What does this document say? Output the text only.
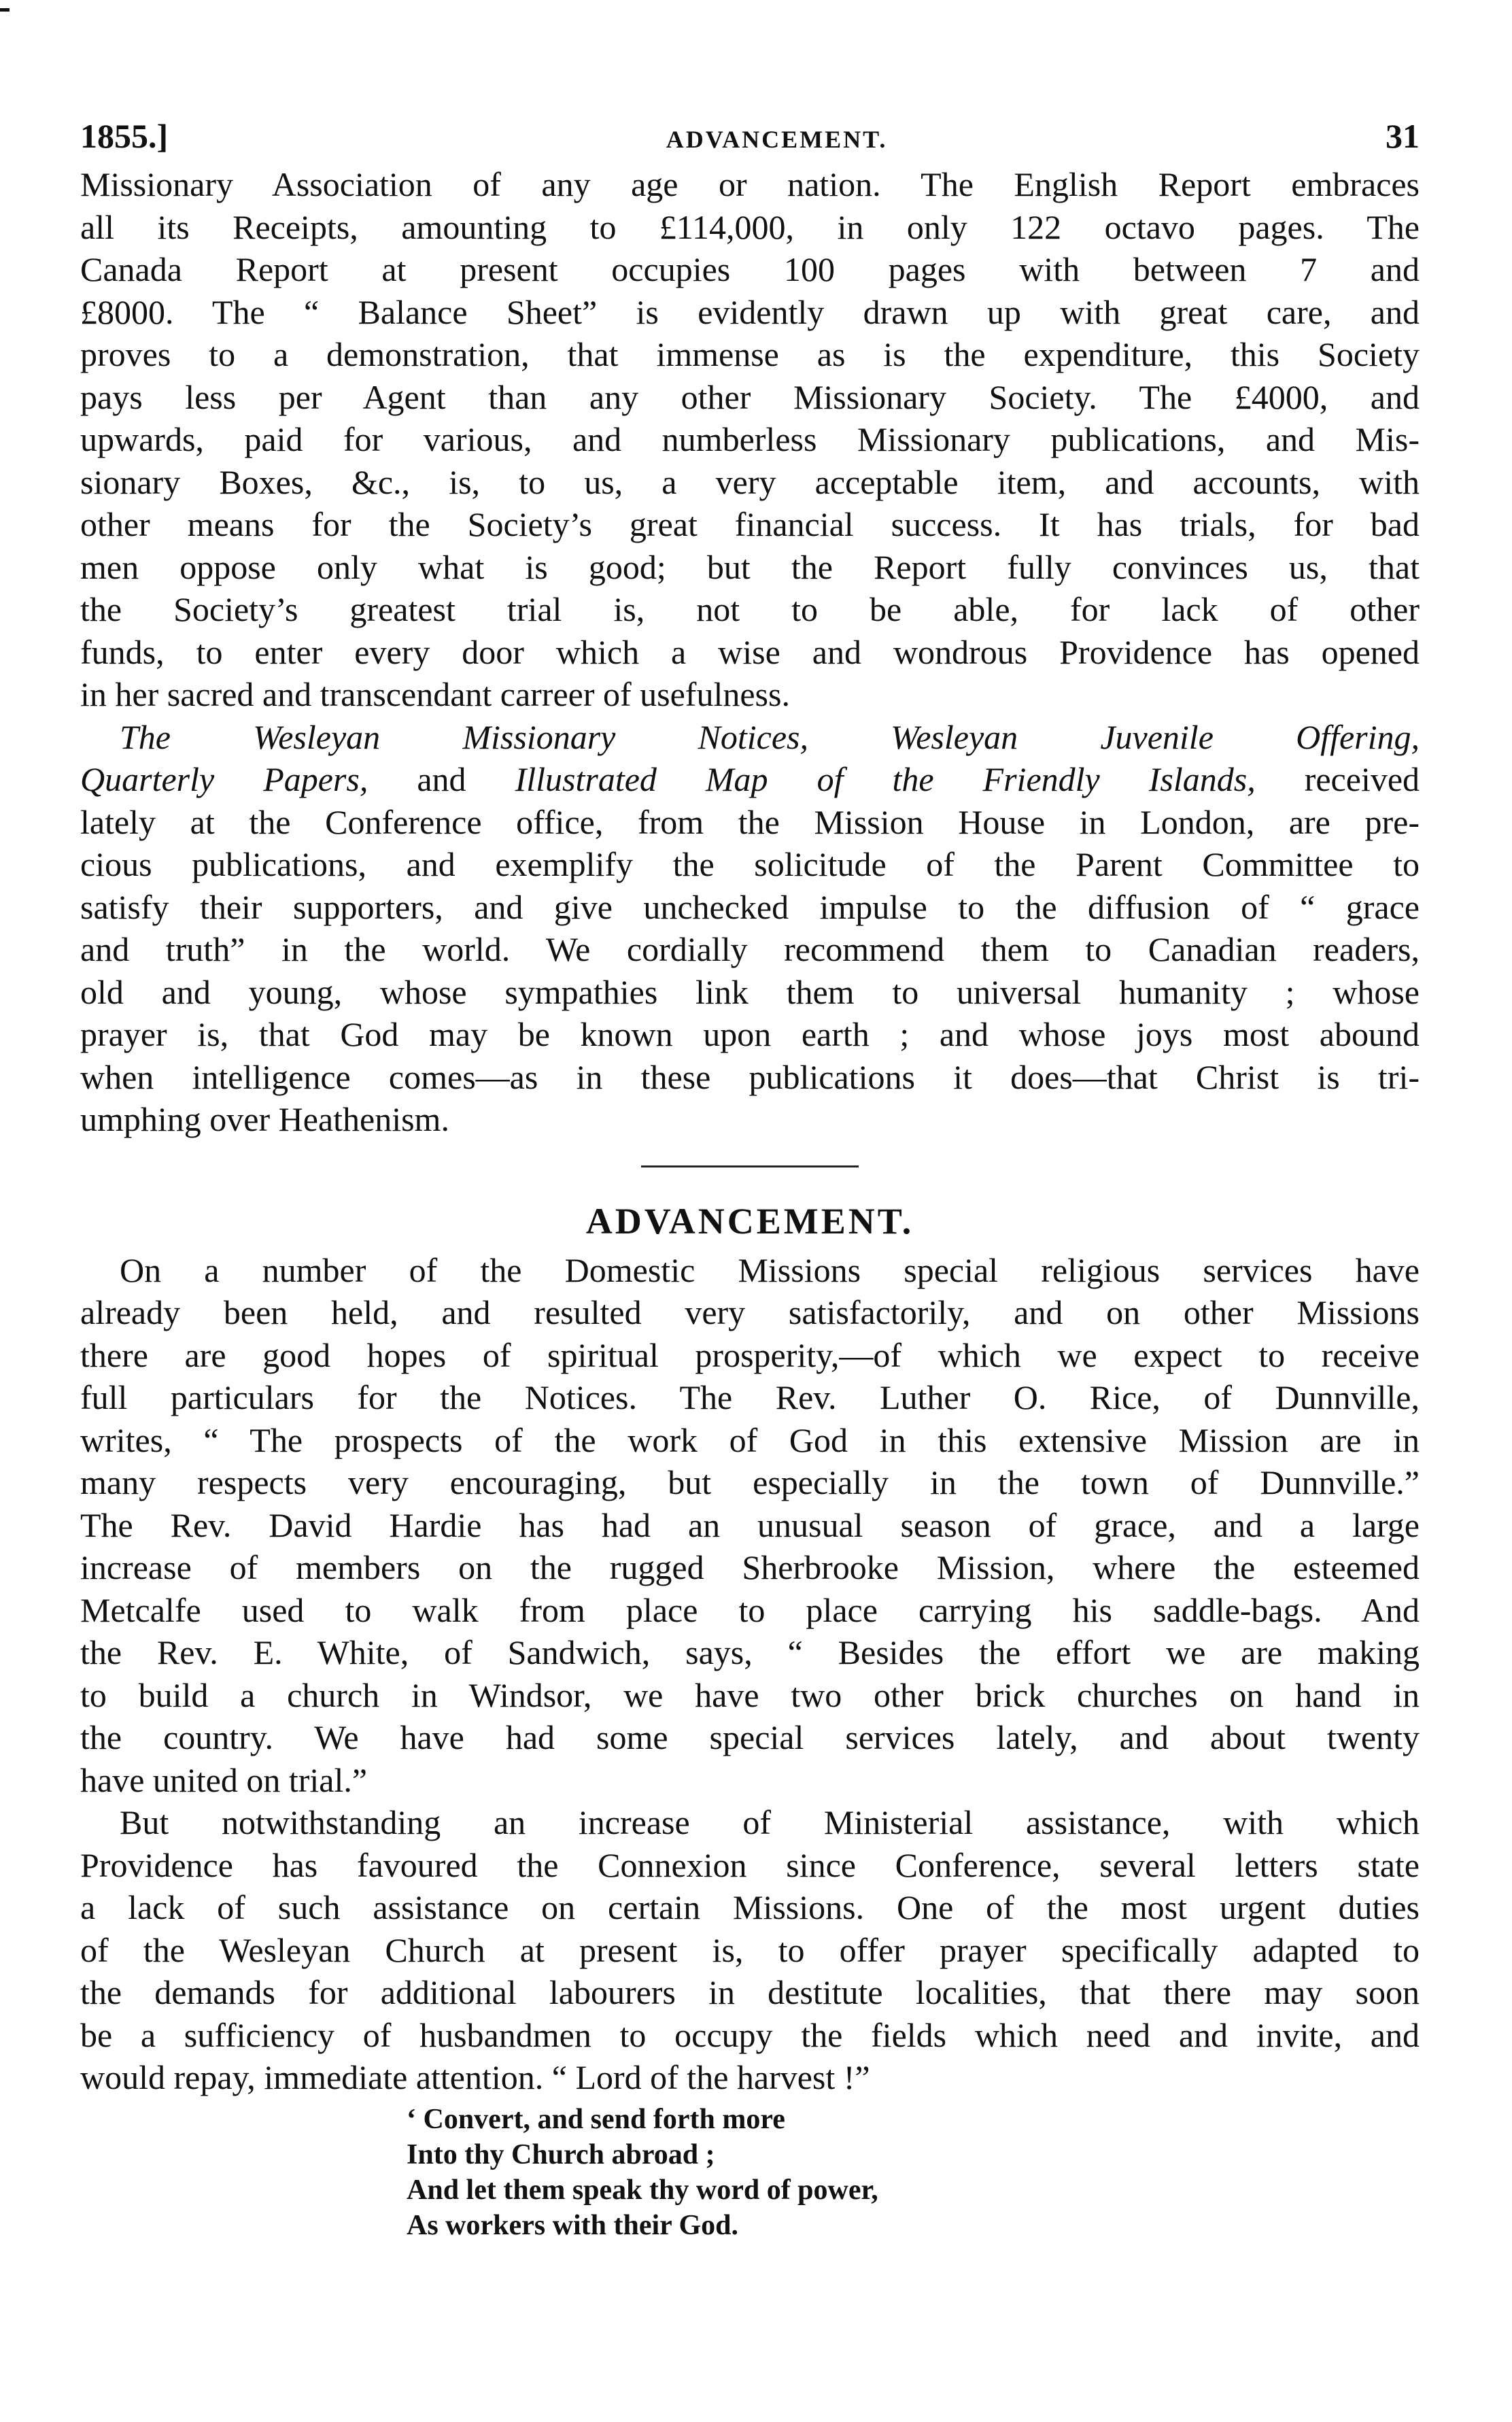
1855.]	ADVANCEMENT.	31

Missionary Association of any age or nation. The English Report embraces
all its Receipts, amounting to £114,000, in only 122 octavo pages. The
Canada Report at present occupies 100 pages with between 7 and
£8000. The “ Balance Sheet” is evidently drawn up with great care, and
proves to a demonstration, that immense as is the expenditure, this Society
pays less per Agent than any other Missionary Society. The £4000, and
upwards, paid for various, and numberless Missionary publications, and Mis-
sionary Boxes, &c., is, to us, a very acceptable item, and accounts, with
other means for the Society’s great financial success. It has trials, for bad
men oppose only what is good; but the Report fully convinces us, that
the Society’s greatest trial is, not to be able, for lack of other
funds, to enter every door which a wise and wondrous Providence has opened
in her sacred and transcendant carreer of usefulness.

The Wesleyan Missionary Notices, Wesleyan Juvenile Offering,
Quarterly Papers, and Illustrated Map of the Friendly Islands, received
lately at the Conference office, from the Mission House in London, are pre-
cious publications, and exemplify the solicitude of the Parent Committee to
satisfy their supporters, and give unchecked impulse to the diffusion of “ grace
and truth” in the world. We cordially recommend them to Canadian readers,
old and young, whose sympathies link them to universal humanity ; whose
prayer is, that God may be known upon earth ; and whose joys most abound
when intelligence comes—as in these publications it does—that Christ is tri-
umphing over Heathenism.

ADVANCEMENT.

On a number of the Domestic Missions special religious services have
already been held, and resulted very satisfactorily, and on other Missions
there are good hopes of spiritual prosperity,—of which we expect to receive
full particulars for the Notices. The Rev. Luther O. Rice, of Dunnville,
writes, “ The prospects of the work of God in this extensive Mission are in
many respects very encouraging, but especially in the town of Dunnville.”
The Rev. David Hardie has had an unusual season of grace, and a large
increase of members on the rugged Sherbrooke Mission, where the esteemed
Metcalfe used to walk from place to place carrying his saddle-bags. And
the Rev. E. White, of Sandwich, says, “ Besides the effort we are making
to build a church in Windsor, we have two other brick churches on hand in
the country. We have had some special services lately, and about twenty
have united on trial.”

But notwithstanding an increase of Ministerial assistance, with which
Providence has favoured the Connexion since Conference, several letters state
a lack of such assistance on certain Missions. One of the most urgent duties
of the Wesleyan Church at present is, to offer prayer specifically adapted to
the demands for additional labourers in destitute localities, that there may soon
be a sufficiency of husbandmen to occupy the fields which need and invite, and
would repay, immediate attention. “ Lord of the harvest !”

‘ Convert, and send forth more
Into thy Church abroad ;
And let them speak thy word of power,
As workers with their God.
